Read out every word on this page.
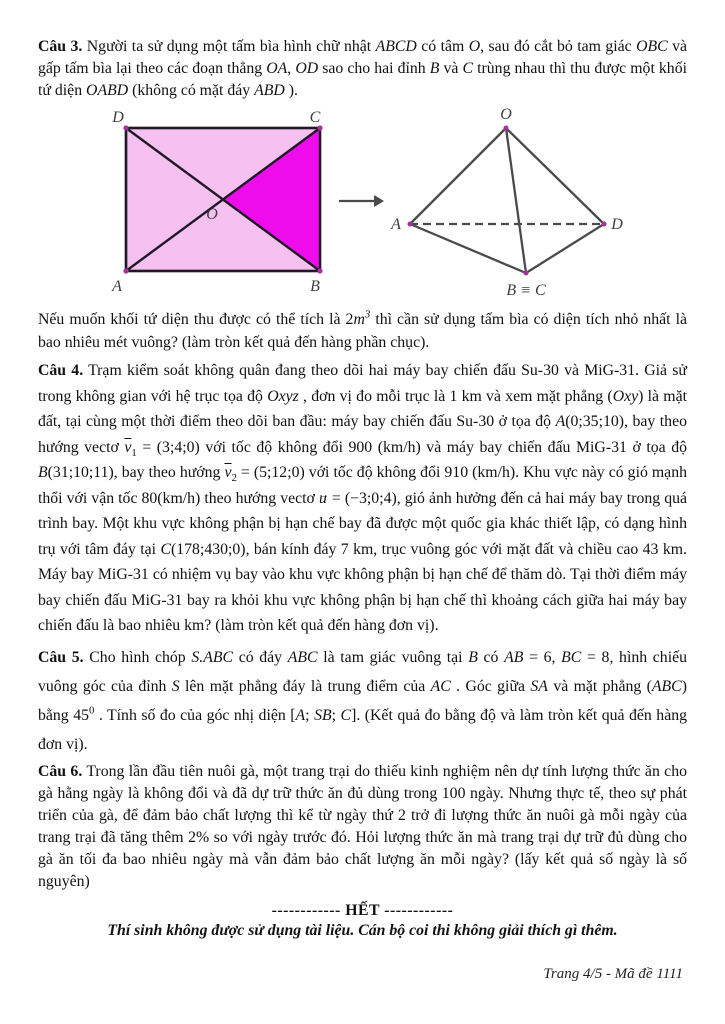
Câu 3. Người ta sử dụng một tấm bìa hình chữ nhật ABCD có tâm O, sau đó cắt bỏ tam giác OBC và gấp tấm bìa lại theo các đoạn thẳng OA, OD sao cho hai đỉnh B và C trùng nhau thì thu được một khối tứ diện OABD (không có mặt đáy ABD ).

D	C
A	B
O
O
A	D
B ≡ C

Nếu muốn khối tứ diện thu được có thể tích là $2m^3$ thì cần sử dụng tấm bìa có diện tích nhỏ nhất là bao nhiêu mét vuông? (làm tròn kết quả đến hàng phần chục).

Câu 4. Trạm kiểm soát không quân đang theo dõi hai máy bay chiến đấu Su-30 và MiG-31. Giả sử trong không gian với hệ trục tọa độ Oxyz , đơn vị đo mỗi trục là 1 km và xem mặt phẳng (Oxy) là mặt đất, tại cùng một thời điểm theo dõi ban đầu: máy bay chiến đấu Su-30 ở tọa độ A(0;35;10), bay theo hướng vectơ $\overline{v}_1$ = (3;4;0) với tốc độ không đổi 900 (km/h) và máy bay chiến đấu MiG-31 ở tọa độ B(31;10;11), bay theo hướng $\overline{v}_2$ = (5;12;0) với tốc độ không đổi 910 (km/h). Khu vực này có gió mạnh thổi với vận tốc 80(km/h) theo hướng vectơ u → = (−3;0;4), gió ảnh hưởng đến cả hai máy bay trong quá trình bay. Một khu vực không phận bị hạn chế bay đã được một quốc gia khác thiết lập, có dạng hình trụ với tâm đáy tại C(178;430;0), bán kính đáy 7 km, trục vuông góc với mặt đất và chiều cao 43 km. Máy bay MiG-31 có nhiệm vụ bay vào khu vực không phận bị hạn chế để thăm dò. Tại thời điểm máy bay chiến đấu MiG-31 bay ra khỏi khu vực không phận bị hạn chế thì khoảng cách giữa hai máy bay chiến đấu là bao nhiêu km? (làm tròn kết quả đến hàng đơn vị).

Câu 5. Cho hình chóp S.ABC có đáy ABC là tam giác vuông tại B có AB = 6, BC = 8, hình chiếu vuông góc của đỉnh S lên mặt phẳng đáy là trung điểm của AC . Góc giữa SA và mặt phẳng (ABC) bằng $45^0$ . Tính số đo của góc nhị diện [A; SB; C]. (Kết quả đo bằng độ và làm tròn kết quả đến hàng đơn vị).

Câu 6. Trong lần đầu tiên nuôi gà, một trang trại do thiếu kinh nghiệm nên dự tính lượng thức ăn cho gà hằng ngày là không đổi và đã dự trữ thức ăn đủ dùng trong 100 ngày. Nhưng thực tế, theo sự phát triển của gà, để đảm bảo chất lượng thì kể từ ngày thứ 2 trở đi lượng thức ăn nuôi gà mỗi ngày của trang trại đã tăng thêm 2% so với ngày trước đó. Hỏi lượng thức ăn mà trang trại dự trữ đủ dùng cho gà ăn tối đa bao nhiêu ngày mà vẫn đảm bảo chất lượng ăn mỗi ngày? (lấy kết quả số ngày là số nguyên)

------------ HẾT ------------
Thí sinh không được sử dụng tài liệu. Cán bộ coi thi không giải thích gì thêm.
Trang 4/5 - Mã đề 1111
